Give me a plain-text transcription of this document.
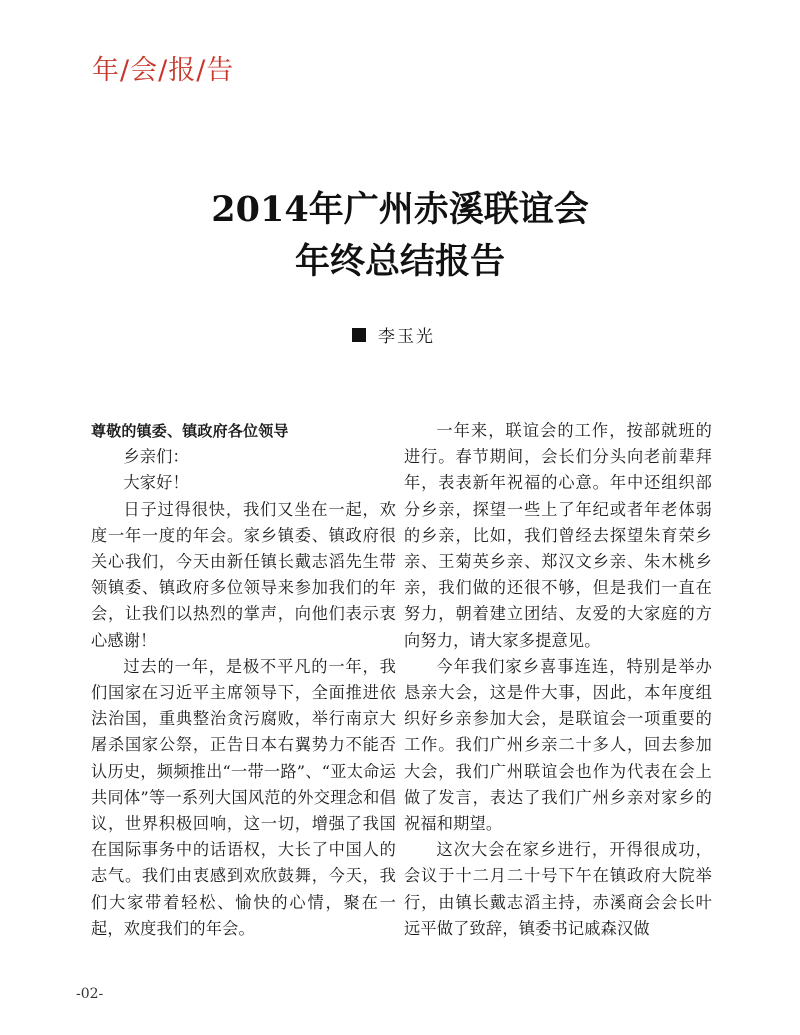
年/会/报/告
2014年广州赤溪联谊会
年终总结报告
李玉光

尊敬的镇委、镇政府各位领导

乡亲们：

大家好！

日子过得很快，我们又坐在一起，欢度一年一度的年会。家乡镇委、镇政府很关心我们，今天由新任镇长戴志滔先生带领镇委、镇政府多位领导来参加我们的年会，让我们以热烈的掌声，向他们表示衷心感谢！

过去的一年，是极不平凡的一年，我们国家在习近平主席领导下，全面推进依法治国，重典整治贪污腐败，举行南京大屠杀国家公祭，正告日本右翼势力不能否认历史，频频推出“一带一路”、“亚太命运共同体”等一系列大国风范的外交理念和倡议，世界积极回响，这一切，增强了我国在国际事务中的话语权，大长了中国人的志气。我们由衷感到欢欣鼓舞，今天，我们大家带着轻松、愉快的心情，聚在一起，欢度我们的年会。

一年来，联谊会的工作，按部就班的进行。春节期间，会长们分头向老前辈拜年，表表新年祝福的心意。年中还组织部分乡亲，探望一些上了年纪或者年老体弱的乡亲，比如，我们曾经去探望朱育荣乡亲、王菊英乡亲、郑汉文乡亲、朱木桃乡亲，我们做的还很不够，但是我们一直在努力，朝着建立团结、友爱的大家庭的方向努力，请大家多提意见。

今年我们家乡喜事连连，特别是举办恳亲大会，这是件大事，因此，本年度组织好乡亲参加大会，是联谊会一项重要的工作。我们广州乡亲二十多人，回去参加大会，我们广州联谊会也作为代表在会上做了发言，表达了我们广州乡亲对家乡的祝福和期望。

这次大会在家乡进行，开得很成功，会议于十二月二十号下午在镇政府大院举行，由镇长戴志滔主持，赤溪商会会长叶远平做了致辞，镇委书记戚森汉做

-02-
